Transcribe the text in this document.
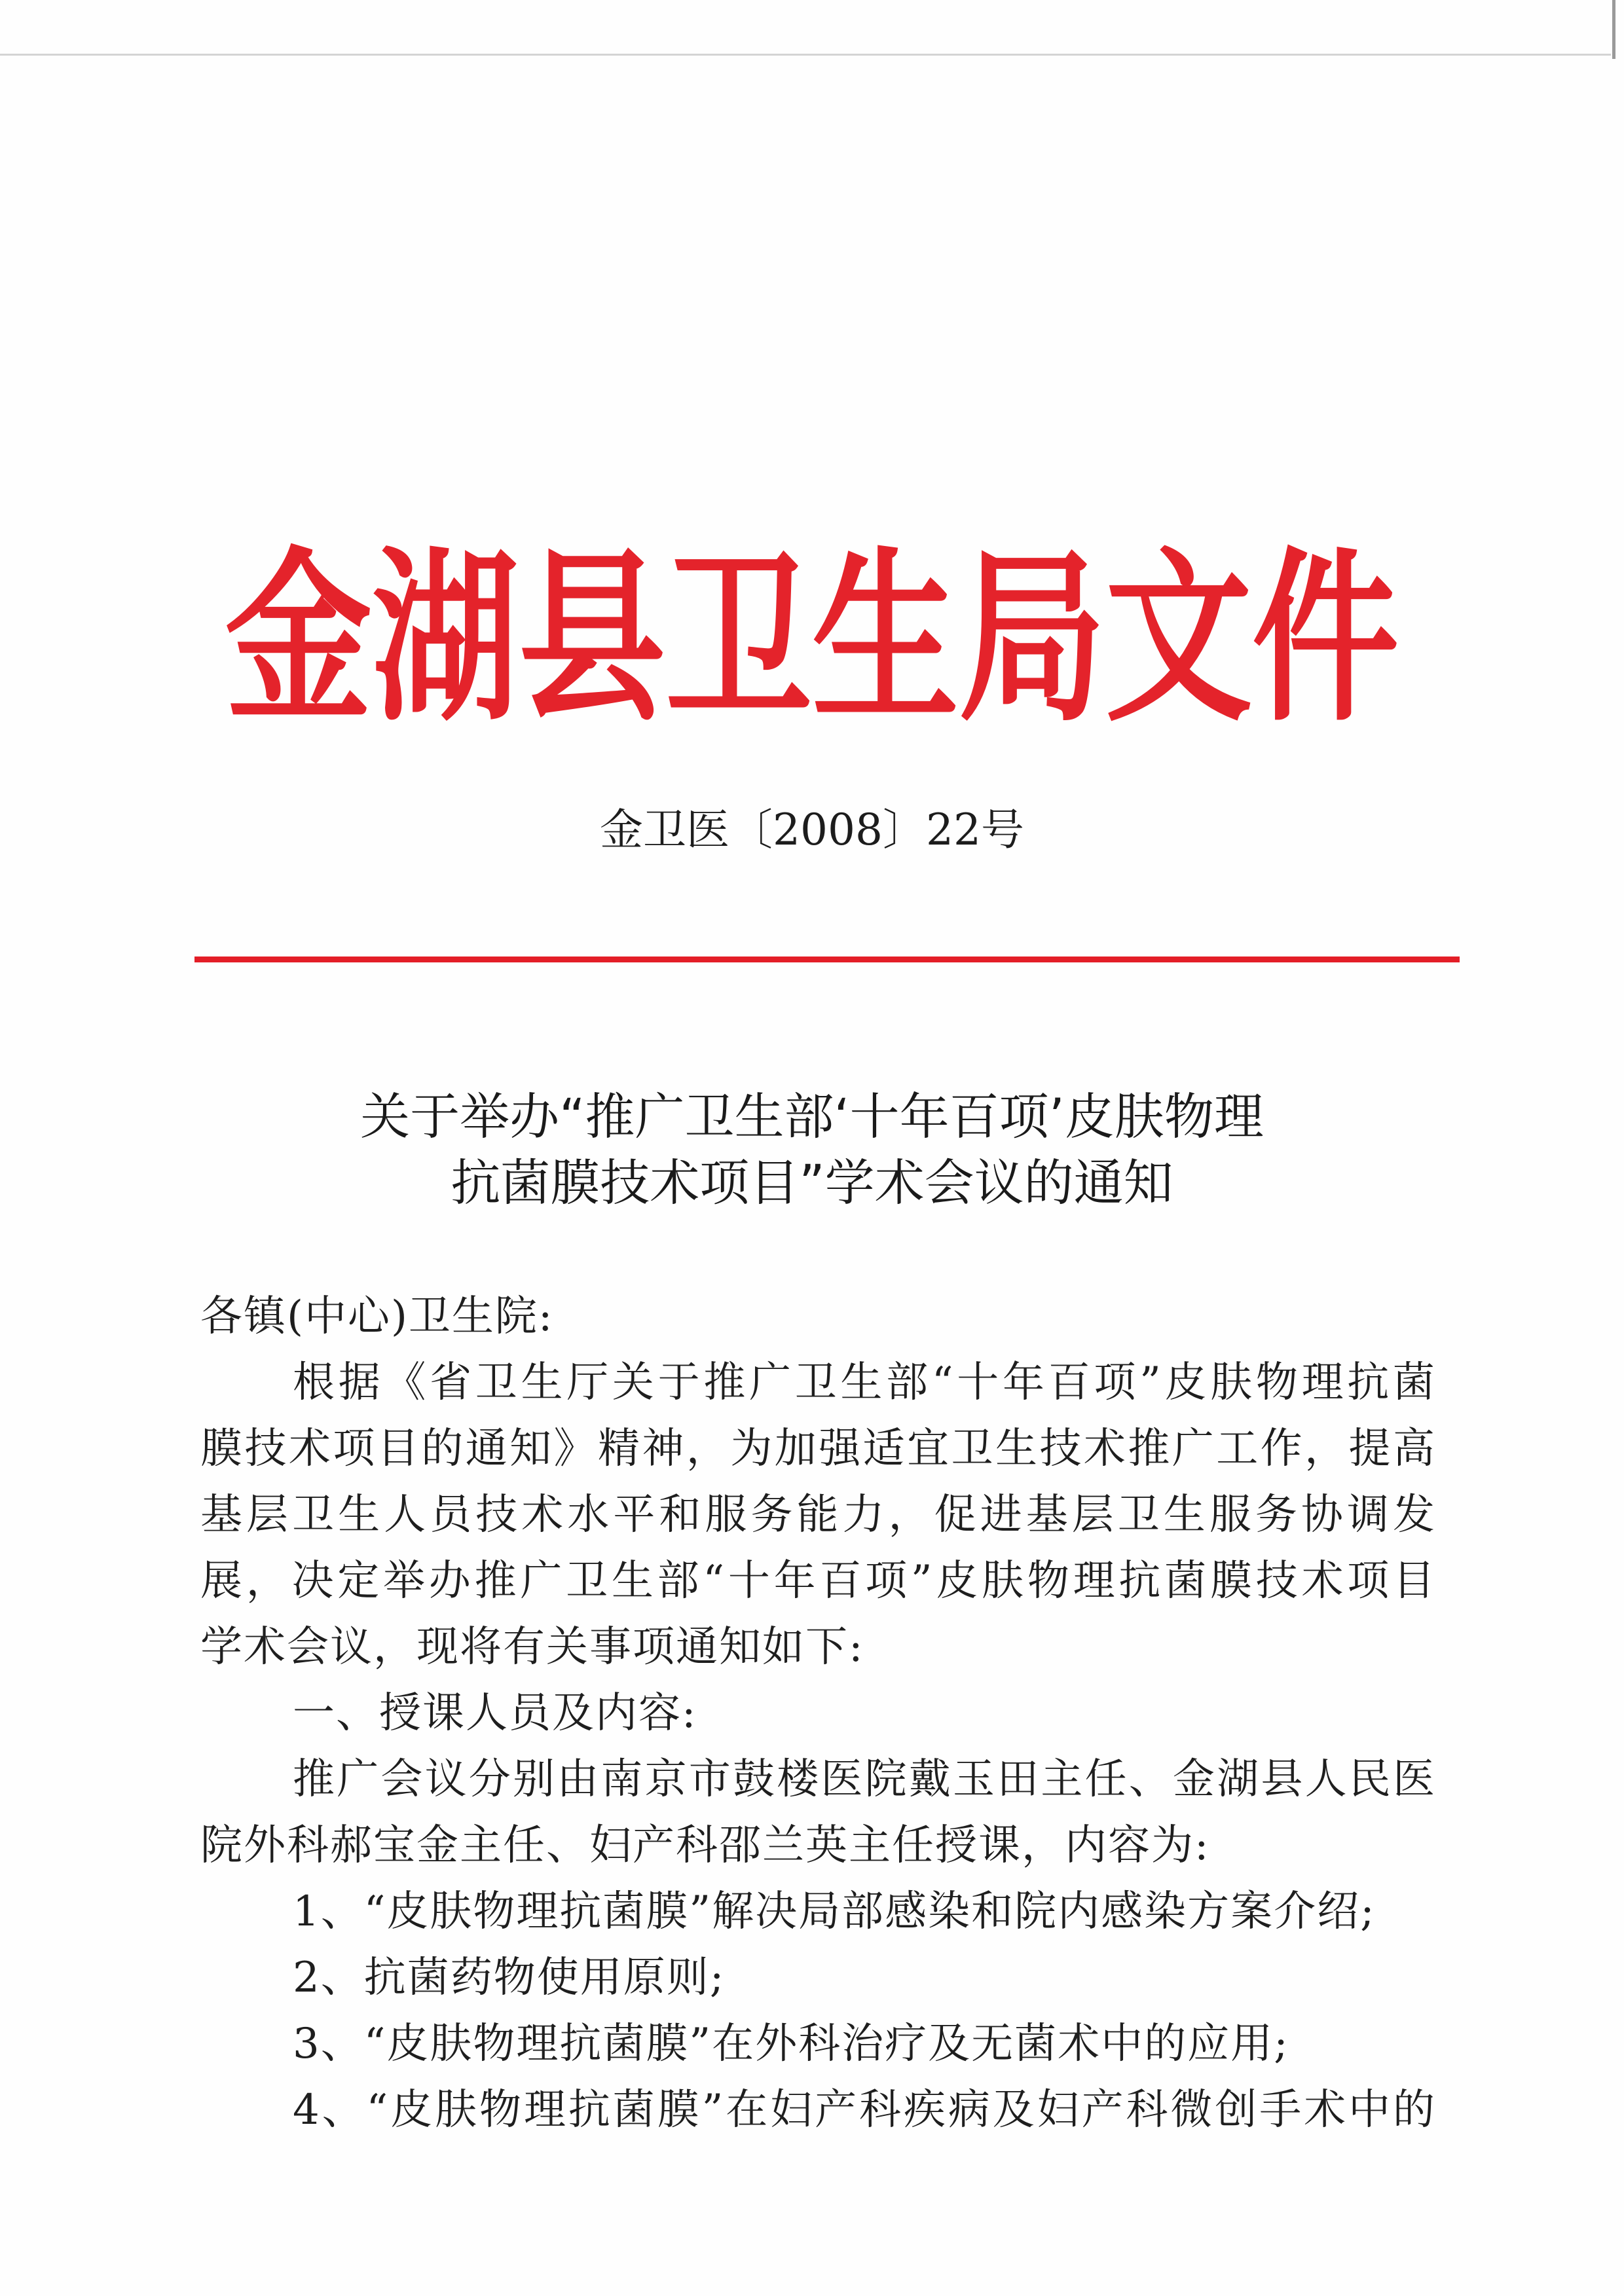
金湖县卫生局文件
金卫医〔2008〕22号
关于举办“推广卫生部‘十年百项’皮肤物理
抗菌膜技术项目”学术会议的通知
各镇(中心)卫生院:
根据《省卫生厅关于推广卫生部“十年百项”皮肤物理抗菌
膜技术项目的通知》精神，为加强适宜卫生技术推广工作，提高
基层卫生人员技术水平和服务能力，促进基层卫生服务协调发
展，决定举办推广卫生部“十年百项”皮肤物理抗菌膜技术项目
学术会议，现将有关事项通知如下:
一、授课人员及内容:
推广会议分别由南京市鼓楼医院戴玉田主任、金湖县人民医
院外科郝宝金主任、妇产科邵兰英主任授课，内容为:
1、“皮肤物理抗菌膜”解决局部感染和院内感染方案介绍;
2、抗菌药物使用原则;
3、“皮肤物理抗菌膜”在外科治疗及无菌术中的应用;
4、“皮肤物理抗菌膜”在妇产科疾病及妇产科微创手术中的
